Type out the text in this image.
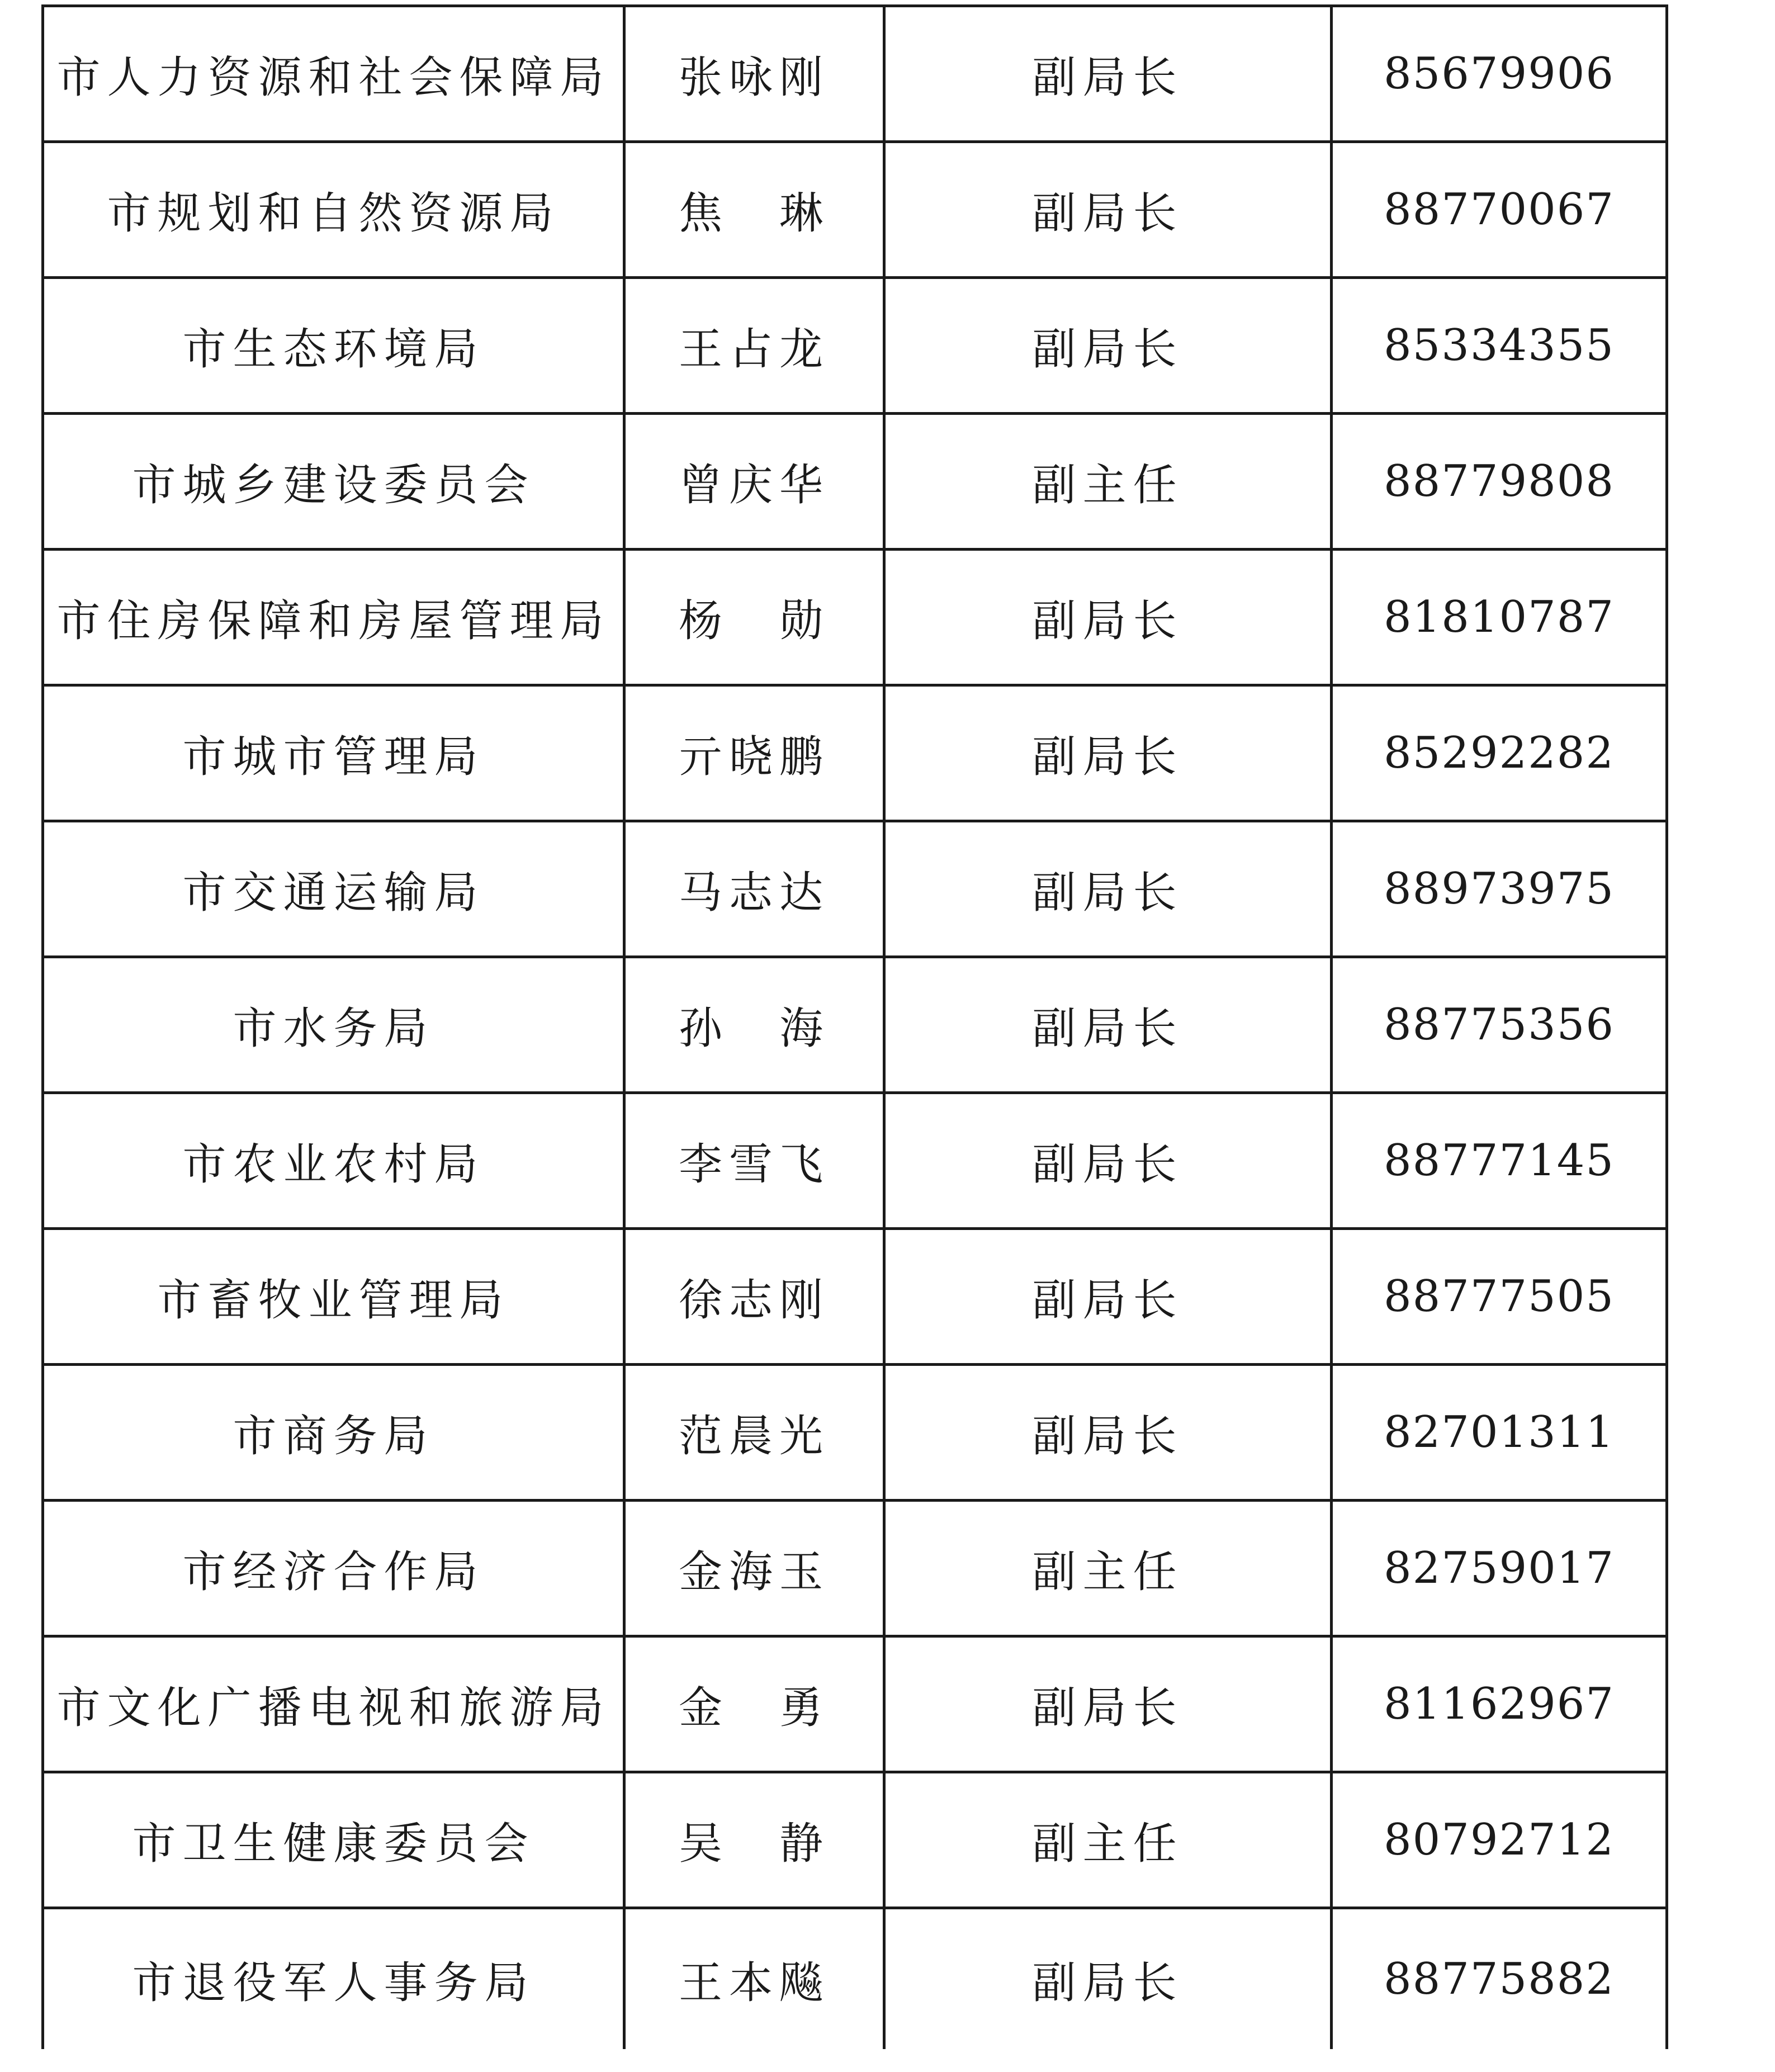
市人力资源和社会保障局	张咏刚	副局长	85679906
市规划和自然资源局	焦　琳	副局长	88770067
市生态环境局	王占龙	副局长	85334355
市城乡建设委员会	曾庆华	副主任	88779808
市住房保障和房屋管理局	杨　勋	副局长	81810787
市城市管理局	亓晓鹏	副局长	85292282
市交通运输局	马志达	副局长	88973975
市水务局	孙　海	副局长	88775356
市农业农村局	李雪飞	副局长	88777145
市畜牧业管理局	徐志刚	副局长	88777505
市商务局	范晨光	副局长	82701311
市经济合作局	金海玉	副主任	82759017
市文化广播电视和旅游局	金　勇	副局长	81162967
市卫生健康委员会	吴　静	副主任	80792712
市退役军人事务局	王本飚	副局长	88775882
